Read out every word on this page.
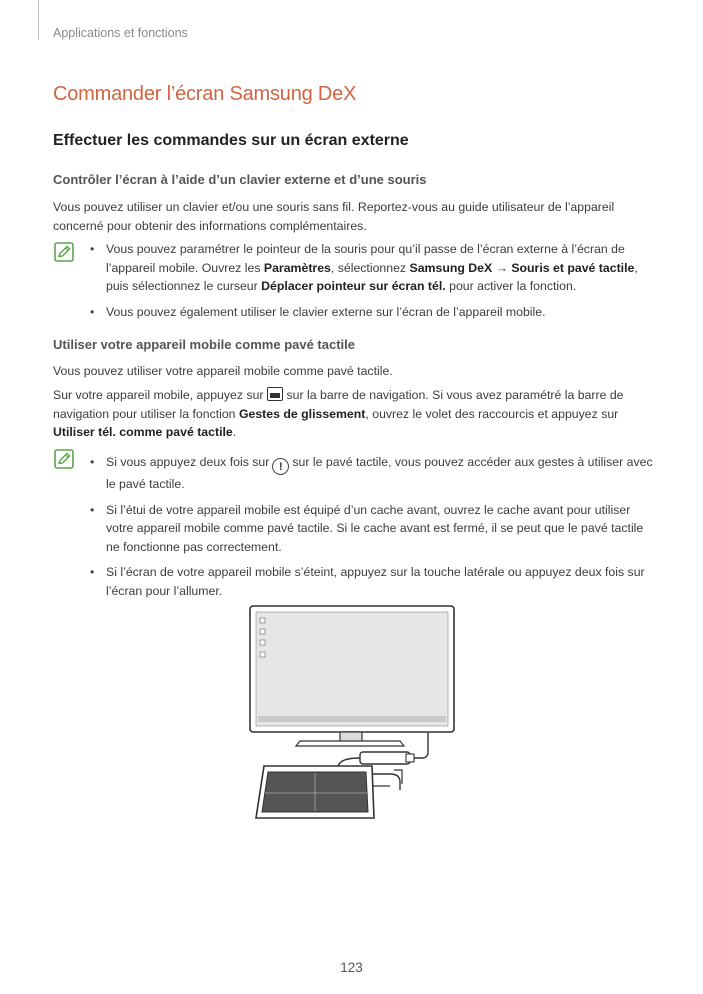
Applications et fonctions
Commander l’écran Samsung DeX
Effectuer les commandes sur un écran externe
Contrôler l’écran à l’aide d’un clavier externe et d’une souris

Vous pouvez utiliser un clavier et/ou une souris sans fil. Reportez-vous au guide utilisateur de l’appareil concerné pour obtenir des informations complémentaires.

• Vous pouvez paramétrer le pointeur de la souris pour qu’il passe de l’écran externe à l’écran de l’appareil mobile. Ouvrez les Paramètres, sélectionnez Samsung DeX → Souris et pavé tactile, puis sélectionnez le curseur Déplacer pointeur sur écran tél. pour activer la fonction.
• Vous pouvez également utiliser le clavier externe sur l’écran de l’appareil mobile.
Utiliser votre appareil mobile comme pavé tactile

Vous pouvez utiliser votre appareil mobile comme pavé tactile.

Sur votre appareil mobile, appuyez sur sur la barre de navigation. Si vous avez paramétré la barre de navigation pour utiliser la fonction Gestes de glissement, ouvrez le volet des raccourcis et appuyez sur Utiliser tél. comme pavé tactile.

• Si vous appuyez deux fois sur ! sur le pavé tactile, vous pouvez accéder aux gestes à utiliser avec le pavé tactile.
• Si l’étui de votre appareil mobile est équipé d’un cache avant, ouvrez le cache avant pour utiliser votre appareil mobile comme pavé tactile. Si le cache avant est fermé, il se peut que le pavé tactile ne fonctionne pas correctement.
• Si l’écran de votre appareil mobile s’éteint, appuyez sur la touche latérale ou appuyez deux fois sur l’écran pour l’allumer.
123
